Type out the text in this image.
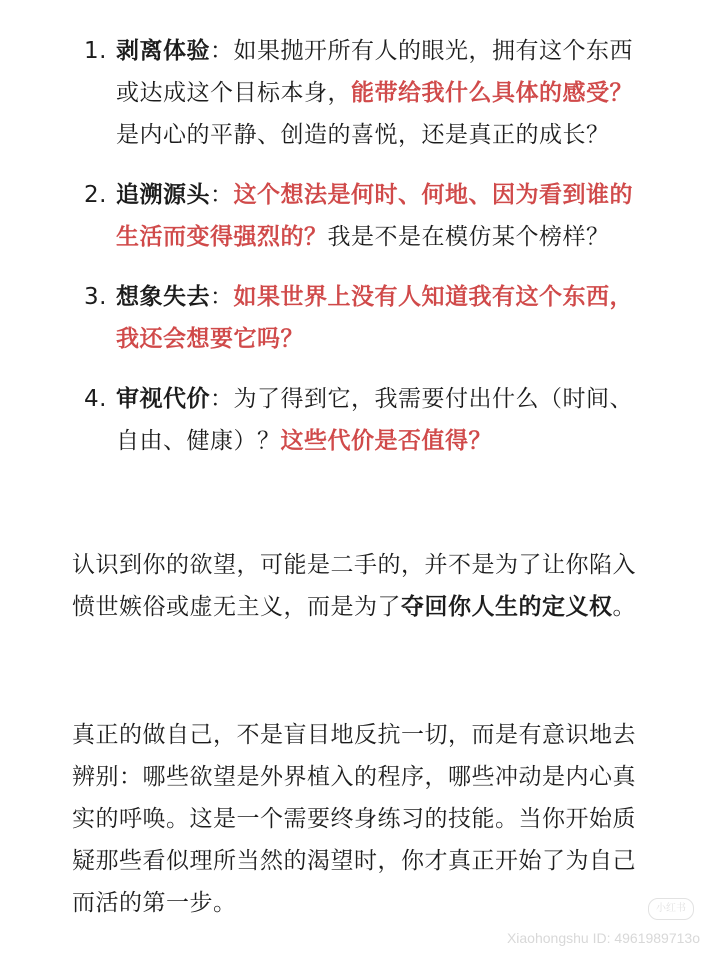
1. 剥离体验：如果抛开所有人的眼光，拥有这个东西或达成这个目标本身，能带给我什么具体的感受？是内心的平静、创造的喜悦，还是真正的成长？
2. 追溯源头：这个想法是何时、何地、因为看到谁的生活而变得强烈的？我是不是在模仿某个榜样？
3. 想象失去：如果世界上没有人知道我有这个东西，我还会想要它吗？
4. 审视代价：为了得到它，我需要付出什么（时间、自由、健康）？这些代价是否值得？

认识到你的欲望，可能是二手的，并不是为了让你陷入愤世嫉俗或虚无主义，而是为了夺回你人生的定义权。

真正的做自己，不是盲目地反抗一切，而是有意识地去辨别：哪些欲望是外界植入的程序，哪些冲动是内心真实的呼唤。这是一个需要终身练习的技能。当你开始质疑那些看似理所当然的渴望时，你才真正开始了为自己而活的第一步。	小红书
Xiaohongshu ID: 4961989713o
